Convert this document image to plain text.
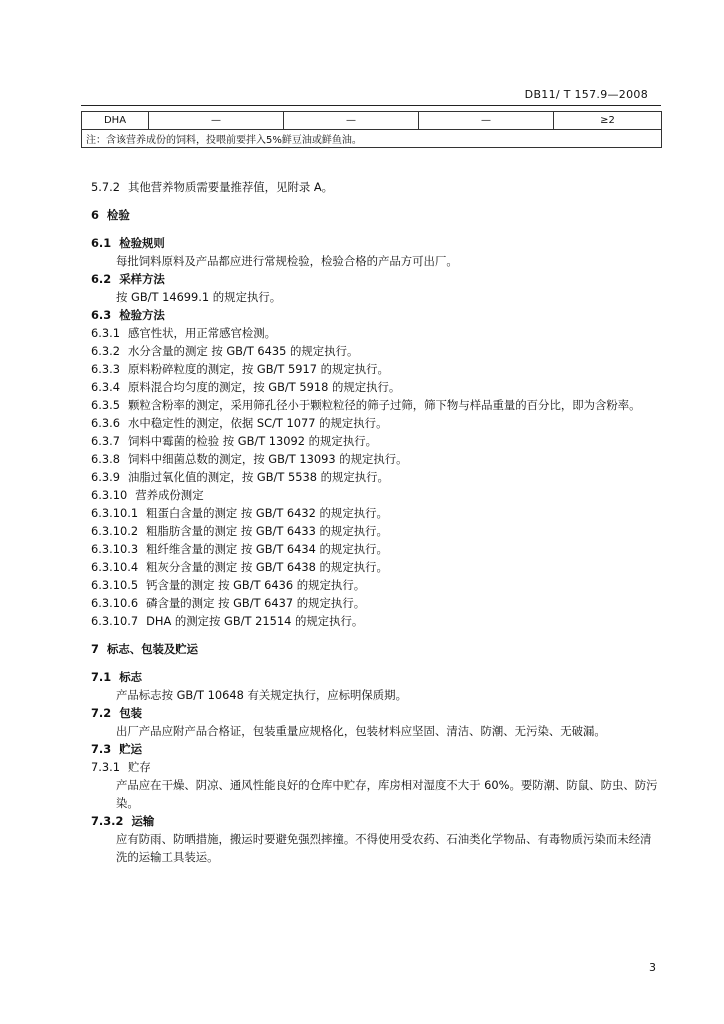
DB11/ T 157.9—2008
DHA	—	—	—	≥2
注：含该营养成份的饲料，投喂前要拌入5%鲜豆油或鲜鱼油。
5.7.2 其他营养物质需要量推荐值，见附录 A。
6 检验
6.1 检验规则
每批饲料原料及产品都应进行常规检验，检验合格的产品方可出厂。
6.2 采样方法
按 GB/T 14699.1 的规定执行。
6.3 检验方法
6.3.1 感官性状，用正常感官检测。
6.3.2 水分含量的测定 按 GB/T 6435 的规定执行。
6.3.3 原料粉碎粒度的测定，按 GB/T 5917 的规定执行。
6.3.4 原料混合均匀度的测定，按 GB/T 5918 的规定执行。
6.3.5 颗粒含粉率的测定，采用筛孔径小于颗粒粒径的筛子过筛，筛下物与样品重量的百分比，即为含粉率。
6.3.6 水中稳定性的测定，依据 SC/T 1077 的规定执行。
6.3.7 饲料中霉菌的检验 按 GB/T 13092 的规定执行。
6.3.8 饲料中细菌总数的测定，按 GB/T 13093 的规定执行。
6.3.9 油脂过氧化值的测定，按 GB/T 5538 的规定执行。
6.3.10 营养成份测定
6.3.10.1 粗蛋白含量的测定 按 GB/T 6432 的规定执行。
6.3.10.2 粗脂肪含量的测定 按 GB/T 6433 的规定执行。
6.3.10.3 粗纤维含量的测定 按 GB/T 6434 的规定执行。
6.3.10.4 粗灰分含量的测定 按 GB/T 6438 的规定执行。
6.3.10.5 钙含量的测定 按 GB/T 6436 的规定执行。
6.3.10.6 磷含量的测定 按 GB/T 6437 的规定执行。
6.3.10.7 DHA 的测定按 GB/T 21514 的规定执行。
7 标志、包装及贮运
7.1 标志
产品标志按 GB/T 10648 有关规定执行，应标明保质期。
7.2 包装
出厂产品应附产品合格证，包装重量应规格化，包装材料应坚固、清洁、防潮、无污染、无破漏。
7.3 贮运
7.3.1 贮存
产品应在干燥、阴凉、通风性能良好的仓库中贮存，库房相对湿度不大于 60%。要防潮、防鼠、防虫、防污染。
7.3.2 运输
应有防雨、防晒措施，搬运时要避免强烈摔撞。不得使用受农药、石油类化学物品、有毒物质污染而未经清洗的运输工具装运。
3
